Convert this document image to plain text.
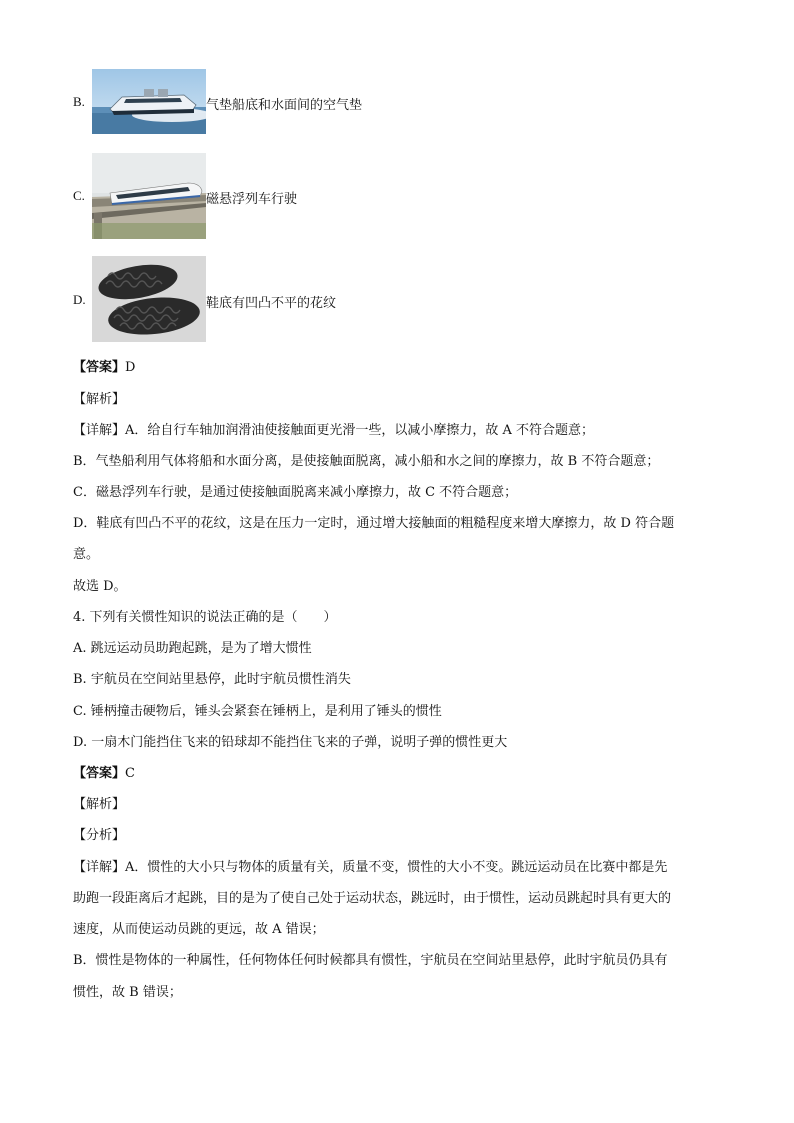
B.	气垫船底和水面间的空气垫
C.	磁悬浮列车行驶
D.	鞋底有凹凸不平的花纹
【答案】D
【解析】
【详解】A．给自行车轴加润滑油使接触面更光滑一些，以减小摩擦力，故 A 不符合题意；
B．气垫船利用气体将船和水面分离，是使接触面脱离，减小船和水之间的摩擦力，故 B 不符合题意；
C．磁悬浮列车行驶，是通过使接触面脱离来减小摩擦力，故 C 不符合题意；
D．鞋底有凹凸不平的花纹，这是在压力一定时，通过增大接触面的粗糙程度来增大摩擦力，故 D 符合题
意。
故选 D。
4. 下列有关惯性知识的说法正确的是（　　）
A. 跳远运动员助跑起跳，是为了增大惯性
B. 宇航员在空间站里悬停，此时宇航员惯性消失
C. 锤柄撞击硬物后，锤头会紧套在锤柄上，是利用了锤头的惯性
D. 一扇木门能挡住飞来的铅球却不能挡住飞来的子弹，说明子弹的惯性更大
【答案】C
【解析】
【分析】
【详解】A．惯性的大小只与物体的质量有关，质量不变，惯性的大小不变。跳远运动员在比赛中都是先
助跑一段距离后才起跳，目的是为了使自己处于运动状态，跳远时，由于惯性，运动员跳起时具有更大的
速度，从而使运动员跳的更远，故 A 错误；
B．惯性是物体的一种属性，任何物体任何时候都具有惯性，宇航员在空间站里悬停，此时宇航员仍具有
惯性，故 B 错误；
